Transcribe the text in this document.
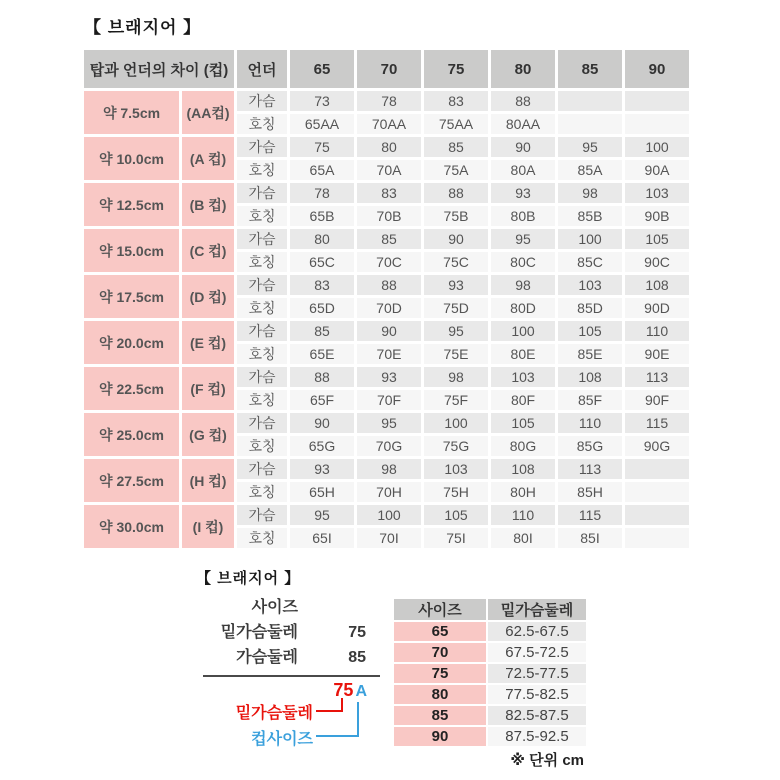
【 브래지어 】
탑과 언더의 차이 (컵)		언더	65	70	75	80	85	90
약 7.5cm	(AA컵)	가슴	73	78	83	88		
		호칭	65AA	70AA	75AA	80AA		
약 10.0cm	(A 컵)	가슴	75	80	85	90	95	100
		호칭	65A	70A	75A	80A	85A	90A
약 12.5cm	(B 컵)	가슴	78	83	88	93	98	103
		호칭	65B	70B	75B	80B	85B	90B
약 15.0cm	(C 컵)	가슴	80	85	90	95	100	105
		호칭	65C	70C	75C	80C	85C	90C
약 17.5cm	(D 컵)	가슴	83	88	93	98	103	108
		호칭	65D	70D	75D	80D	85D	90D
약 20.0cm	(E 컵)	가슴	85	90	95	100	105	110
		호칭	65E	70E	75E	80E	85E	90E
약 22.5cm	(F 컵)	가슴	88	93	98	103	108	113
		호칭	65F	70F	75F	80F	85F	90F
약 25.0cm	(G 컵)	가슴	90	95	100	105	110	115
		호칭	65G	70G	75G	80G	85G	90G
약 27.5cm	(H 컵)	가슴	93	98	103	108	113	
		호칭	65H	70H	75H	80H	85H	
약 30.0cm	(I 컵)	가슴	95	100	105	110	115	
		호칭	65I	70I	75I	80I	85I	
【 브래지어 】
사이즈
밑가슴둘레	75
가슴둘레	85
75 A
밑가슴둘레
컵사이즈
사이즈	밑가슴둘레
65	62.5-67.5
70	67.5-72.5
75	72.5-77.5
80	77.5-82.5
85	82.5-87.5
90	87.5-92.5
※ 단위 cm
